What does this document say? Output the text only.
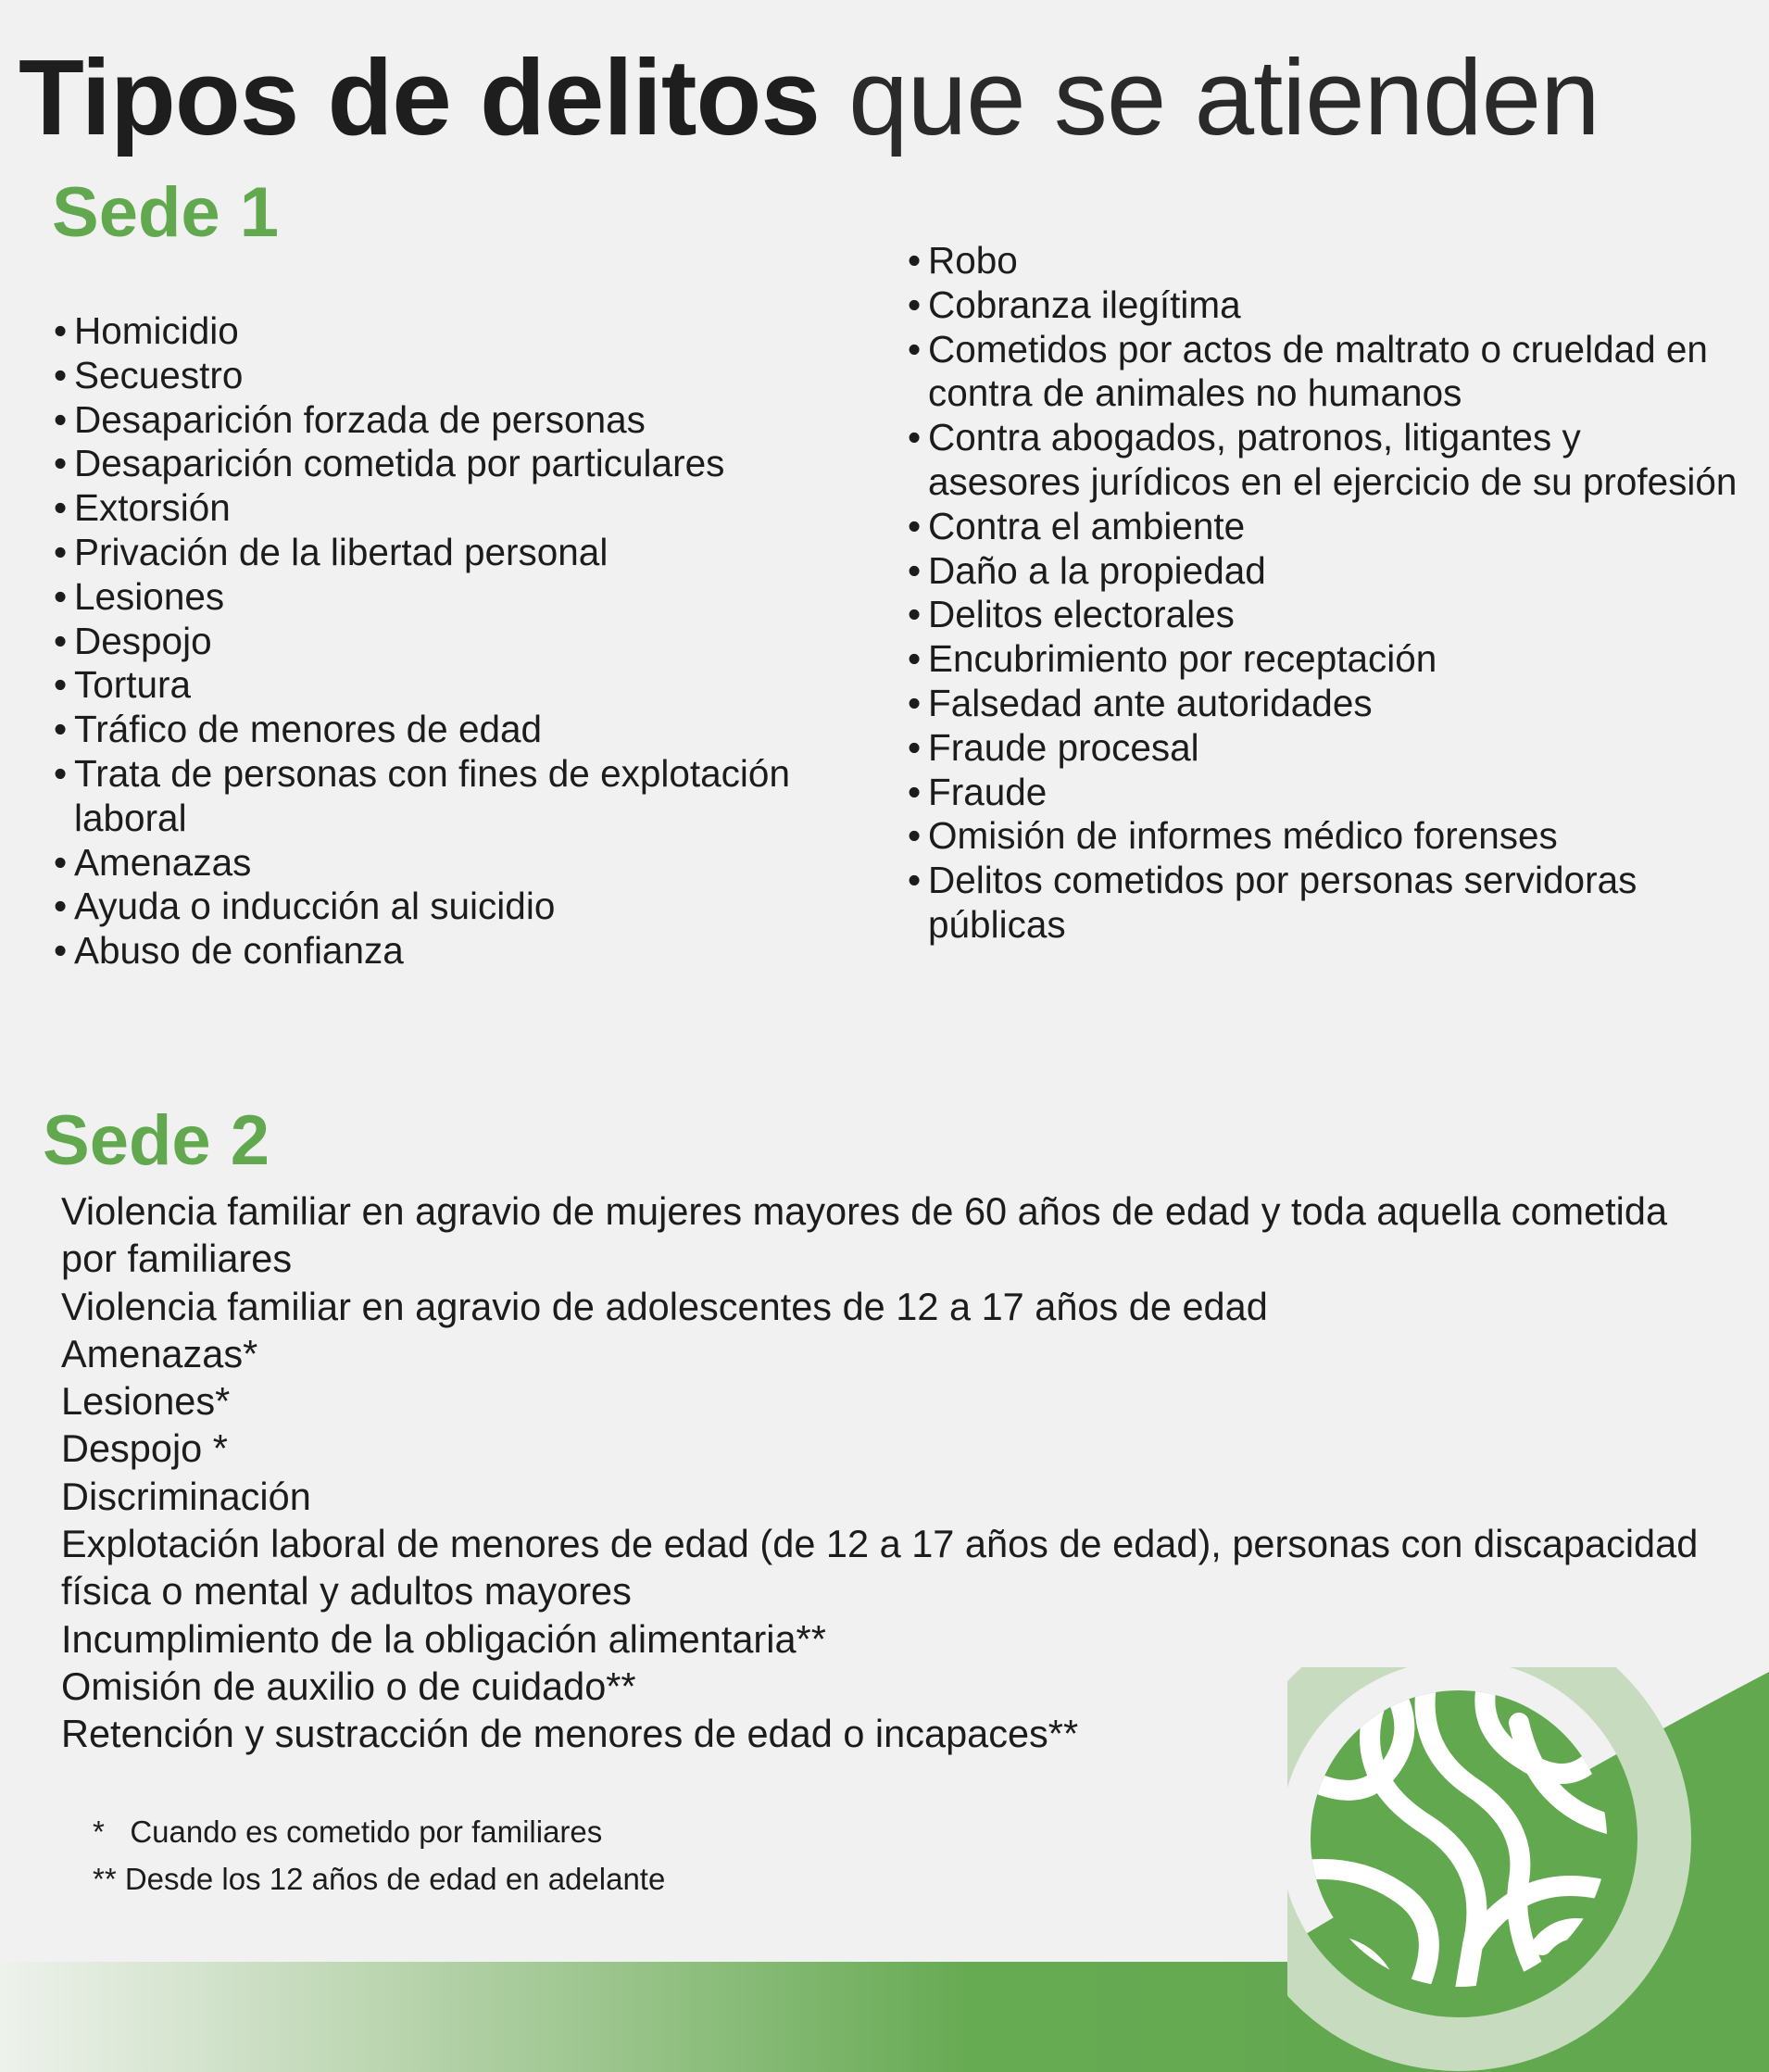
Tipos de delitos que se atienden
Sede 1
• Homicidio
• Secuestro
• Desaparición forzada de personas
• Desaparición cometida por particulares
• Extorsión
• Privación de la libertad personal
• Lesiones
• Despojo
• Tortura
• Tráfico de menores de edad
• Trata de personas con fines de explotación laboral
• Amenazas
• Ayuda o inducción al suicidio
• Abuso de confianza
• Robo
• Cobranza ilegítima
• Cometidos por actos de maltrato o crueldad en contra de animales no humanos
• Contra abogados, patronos, litigantes y asesores jurídicos en el ejercicio de su profesión
• Contra el ambiente
• Daño a la propiedad
• Delitos electorales
• Encubrimiento por receptación
• Falsedad ante autoridades
• Fraude procesal
• Fraude
• Omisión de informes médico forenses
• Delitos cometidos por personas servidoras públicas
Sede 2
Violencia familiar en agravio de mujeres mayores de 60 años de edad y toda aquella cometida por familiares
Violencia familiar en agravio de adolescentes de 12 a 17 años de edad
Amenazas*
Lesiones*
Despojo *
Discriminación
Explotación laboral de menores de edad (de 12 a 17 años de edad), personas con discapacidad física o mental y adultos mayores
Incumplimiento de la obligación alimentaria**
Omisión de auxilio o de cuidado**
Retención y sustracción de menores de edad o incapaces**
*   Cuando es cometido por familiares
** Desde los 12 años de edad en adelante
